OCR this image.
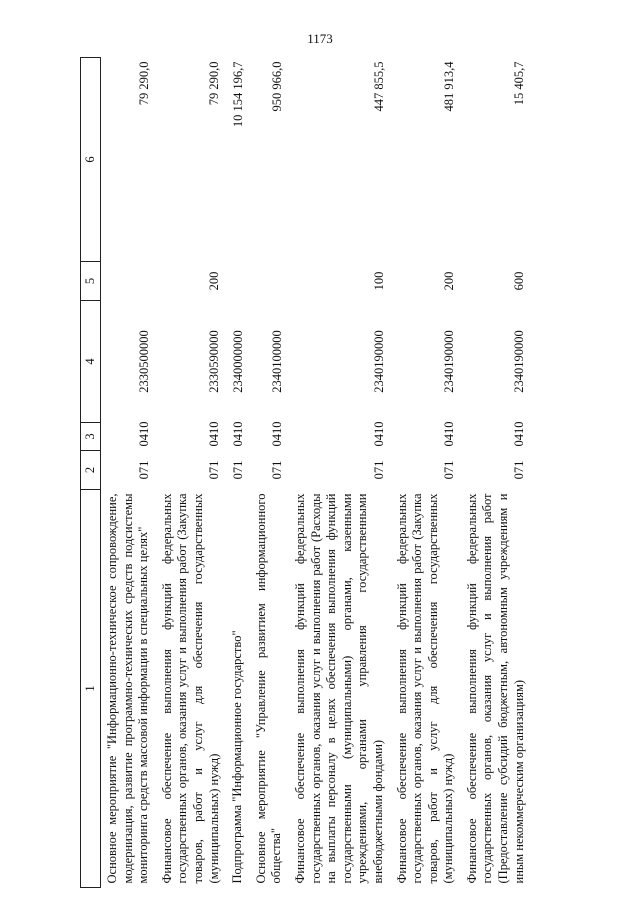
1173
1	2	3	4	5	6
Основное мероприятие "Информационно-техническое сопровождение, модернизация, развитие программно-технических средств подсистемы мониторинга средств массовой информации в специальных целях"	071	0410	2330500000		79 290,0
Финансовое обеспечение выполнения функций федеральных государственных органов, оказания услуг и выполнения работ (Закупка товаров, работ и услуг для обеспечения государственных (муниципальных) нужд)	071	0410	2330590000	200	79 290,0
Подпрограмма "Информационное государство"	071	0410	2340000000		10 154 196,7
Основное мероприятие "Управление развитием информационного общества"	071	0410	2340100000		950 966,0
Финансовое обеспечение выполнения функций федеральных государственных органов, оказания услуг и выполнения работ (Расходы на выплаты персоналу в целях обеспечения выполнения функций государственными (муниципальными) органами, казенными учреждениями, органами управления государственными внебюджетными фондами)	071	0410	2340190000	100	447 855,5
Финансовое обеспечение выполнения функций федеральных государственных органов, оказания услуг и выполнения работ (Закупка товаров, работ и услуг для обеспечения государственных (муниципальных) нужд)	071	0410	2340190000	200	481 913,4
Финансовое обеспечение выполнения функций федеральных государственных органов, оказания услуг и выполнения работ (Предоставление субсидий бюджетным, автономным учреждениям и иным некоммерческим организациям)	071	0410	2340190000	600	15 405,7
